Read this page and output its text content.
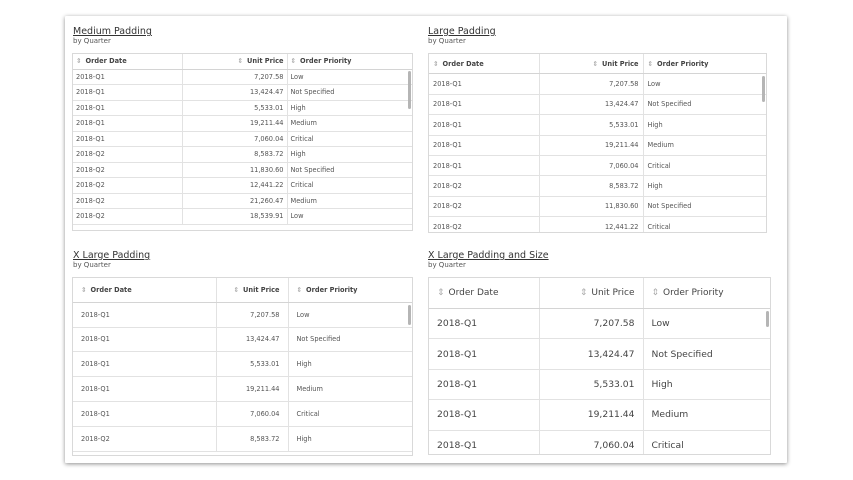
Medium Padding
by Quarter
⇕ Order Date	⇕ Unit Price	⇕ Order Priority
2018-Q1	7,207.58	Low
2018-Q1	13,424.47	Not Specified
2018-Q1	5,533.01	High
2018-Q1	19,211.44	Medium
2018-Q1	7,060.04	Critical
2018-Q2	8,583.72	High
2018-Q2	11,830.60	Not Specified
2018-Q2	12,441.22	Critical
2018-Q2	21,260.47	Medium
2018-Q2	18,539.91	Low
Large Padding
by Quarter
⇕ Order Date	⇕ Unit Price	⇕ Order Priority
2018-Q1	7,207.58	Low
2018-Q1	13,424.47	Not Specified
2018-Q1	5,533.01	High
2018-Q1	19,211.44	Medium
2018-Q1	7,060.04	Critical
2018-Q2	8,583.72	High
2018-Q2	11,830.60	Not Specified
2018-Q2	12,441.22	Critical
X Large Padding
by Quarter
⇕ Order Date	⇕ Unit Price	⇕ Order Priority
2018-Q1	7,207.58	Low
2018-Q1	13,424.47	Not Specified
2018-Q1	5,533.01	High
2018-Q1	19,211.44	Medium
2018-Q1	7,060.04	Critical
2018-Q2	8,583.72	High
X Large Padding and Size
by Quarter
⇕ Order Date	⇕ Unit Price	⇕ Order Priority
2018-Q1	7,207.58	Low
2018-Q1	13,424.47	Not Specified
2018-Q1	5,533.01	High
2018-Q1	19,211.44	Medium
2018-Q1	7,060.04	Critical
